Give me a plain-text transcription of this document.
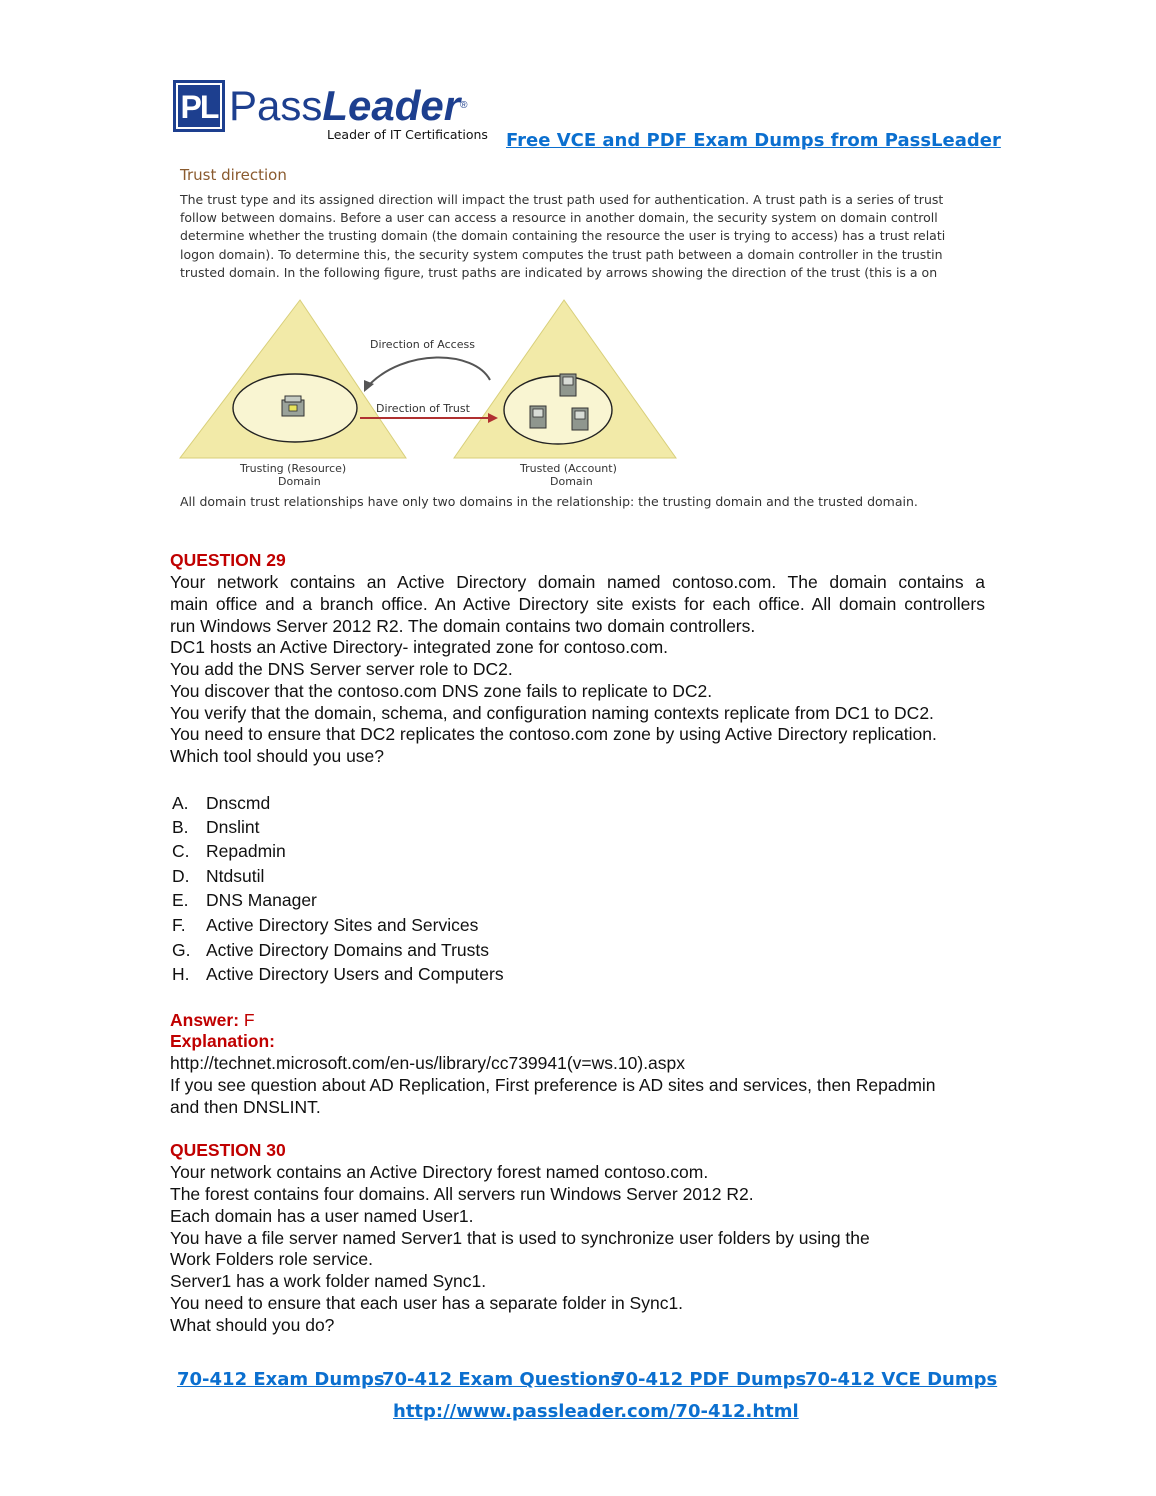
PL PassLeader®
Leader of IT Certifications Free VCE and PDF Exam Dumps from PassLeader
Trust direction
The trust type and its assigned direction will impact the trust path used for authentication. A trust path is a series of trust
follow between domains. Before a user can access a resource in another domain, the security system on domain controll
determine whether the trusting domain (the domain containing the resource the user is trying to access) has a trust relati
logon domain). To determine this, the security system computes the trust path between a domain controller in the trustin
trusted domain. In the following figure, trust paths are indicated by arrows showing the direction of the trust (this is a on
Direction of Access
Direction of Trust
Trusting (Resource)
Domain
Trusted (Account)
Domain
All domain trust relationships have only two domains in the relationship: the trusting domain and the trusted domain.
QUESTION 29
Your network contains an Active Directory domain named contoso.com. The domain contains a
main office and a branch office. An Active Directory site exists for each office. All domain controllers
run Windows Server 2012 R2. The domain contains two domain controllers.
DC1 hosts an Active Directory- integrated zone for contoso.com.
You add the DNS Server server role to DC2.
You discover that the contoso.com DNS zone fails to replicate to DC2.
You verify that the domain, schema, and configuration naming contexts replicate from DC1 to DC2.
You need to ensure that DC2 replicates the contoso.com zone by using Active Directory replication.
Which tool should you use?
A. Dnscmd
B. Dnslint
C. Repadmin
D. Ntdsutil
E. DNS Manager
F. Active Directory Sites and Services
G. Active Directory Domains and Trusts
H. Active Directory Users and Computers
Answer: F
Explanation:
http://technet.microsoft.com/en-us/library/cc739941(v=ws.10).aspx
If you see question about AD Replication, First preference is AD sites and services, then Repadmin
and then DNSLINT.
QUESTION 30
Your network contains an Active Directory forest named contoso.com.
The forest contains four domains. All servers run Windows Server 2012 R2.
Each domain has a user named User1.
You have a file server named Server1 that is used to synchronize user folders by using the
Work Folders role service.
Server1 has a work folder named Sync1.
You need to ensure that each user has a separate folder in Sync1.
What should you do?
70-412 Exam Dumps
70-412 Exam Questions
70-412 PDF Dumps
70-412 VCE Dumps
http://www.passleader.com/70-412.html
